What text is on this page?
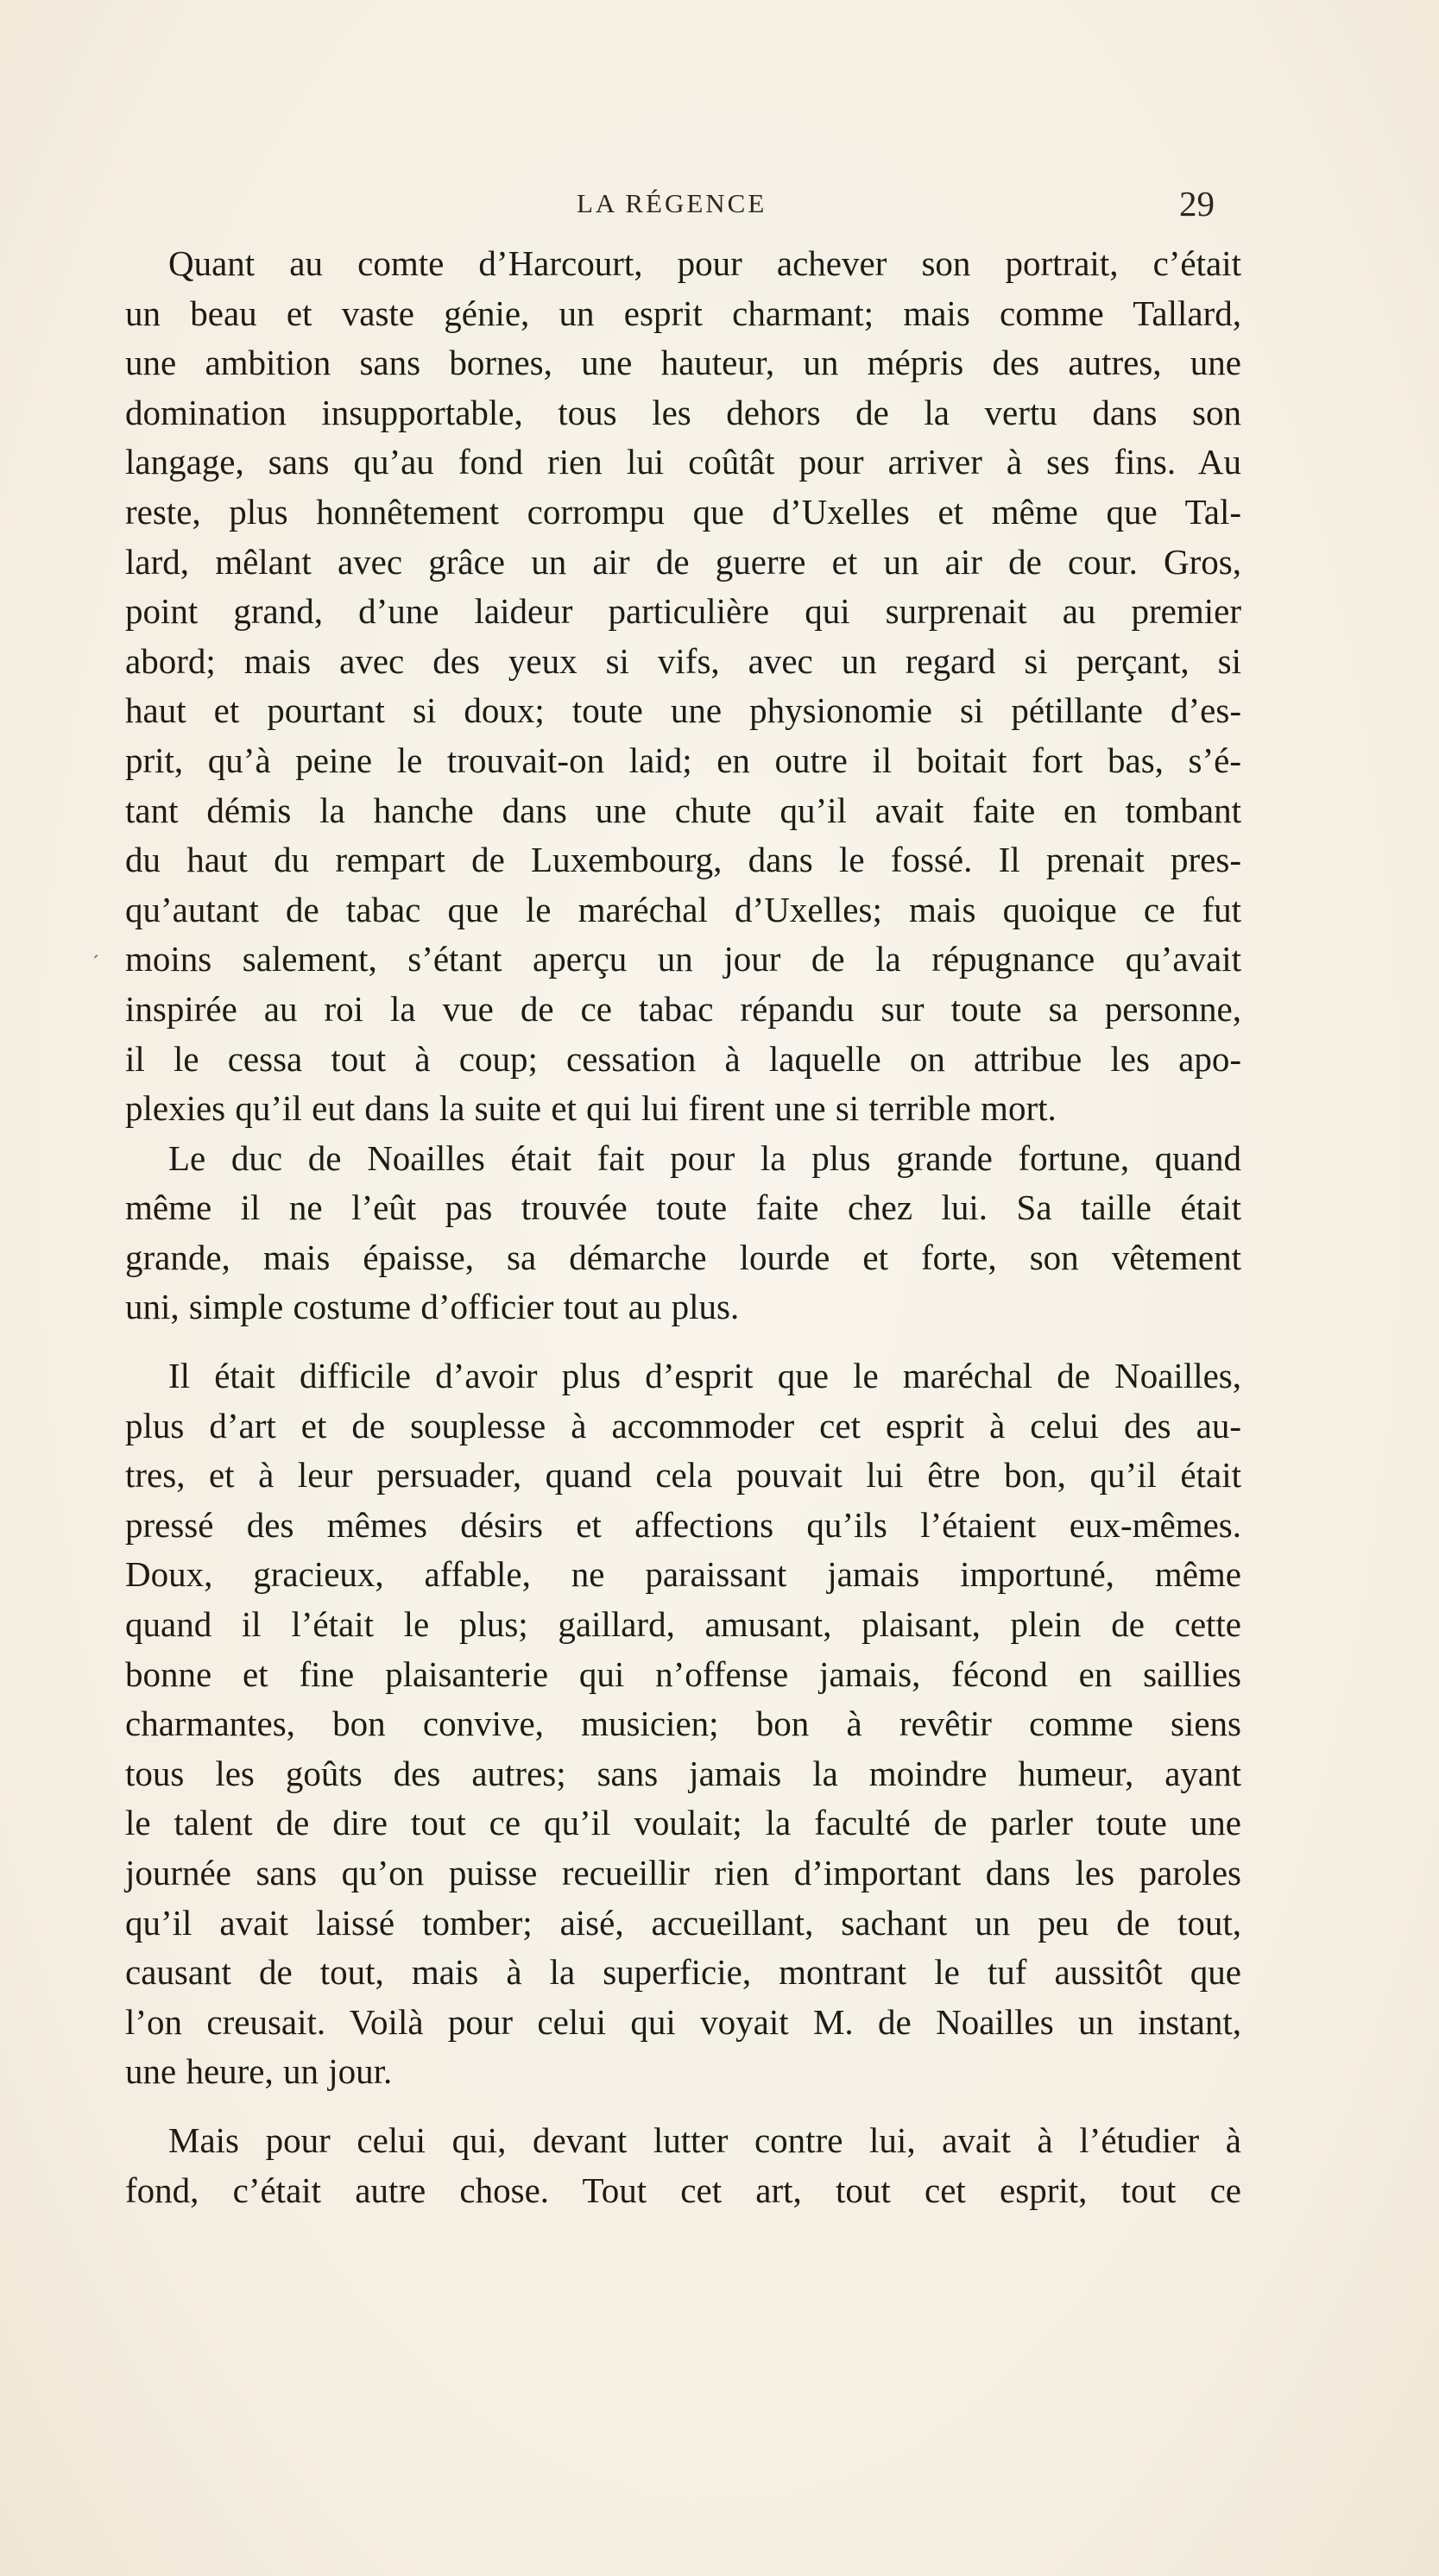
LA RÉGENCE	29
´
Quant au comte d’Harcourt, pour achever son portrait, c’était
un beau et vaste génie, un esprit charmant; mais comme Tallard,
une ambition sans bornes, une hauteur, un mépris des autres, une
domination insupportable, tous les dehors de la vertu dans son
langage, sans qu’au fond rien lui coûtât pour arriver à ses fins. Au
reste, plus honnêtement corrompu que d’Uxelles et même que Tal-
lard, mêlant avec grâce un air de guerre et un air de cour. Gros,
point grand, d’une laideur particulière qui surprenait au premier
abord; mais avec des yeux si vifs, avec un regard si perçant, si
haut et pourtant si doux; toute une physionomie si pétillante d’es-
prit, qu’à peine le trouvait-on laid; en outre il boitait fort bas, s’é-
tant démis la hanche dans une chute qu’il avait faite en tombant
du haut du rempart de Luxembourg, dans le fossé. Il prenait pres-
qu’autant de tabac que le maréchal d’Uxelles; mais quoique ce fut
moins salement, s’étant aperçu un jour de la répugnance qu’avait
inspirée au roi la vue de ce tabac répandu sur toute sa personne,
il le cessa tout à coup; cessation à laquelle on attribue les apo-
plexies qu’il eut dans la suite et qui lui firent une si terrible mort.
Le duc de Noailles était fait pour la plus grande fortune, quand
même il ne l’eût pas trouvée toute faite chez lui. Sa taille était
grande, mais épaisse, sa démarche lourde et forte, son vêtement
uni, simple costume d’officier tout au plus.
Il était difficile d’avoir plus d’esprit que le maréchal de Noailles,
plus d’art et de souplesse à accommoder cet esprit à celui des au-
tres, et à leur persuader, quand cela pouvait lui être bon, qu’il était
pressé des mêmes désirs et affections qu’ils l’étaient eux-mêmes.
Doux, gracieux, affable, ne paraissant jamais importuné, même
quand il l’était le plus; gaillard, amusant, plaisant, plein de cette
bonne et fine plaisanterie qui n’offense jamais, fécond en saillies
charmantes, bon convive, musicien; bon à revêtir comme siens
tous les goûts des autres; sans jamais la moindre humeur, ayant
le talent de dire tout ce qu’il voulait; la faculté de parler toute une
journée sans qu’on puisse recueillir rien d’important dans les paroles
qu’il avait laissé tomber; aisé, accueillant, sachant un peu de tout,
causant de tout, mais à la superficie, montrant le tuf aussitôt que
l’on creusait. Voilà pour celui qui voyait M. de Noailles un instant,
une heure, un jour.
Mais pour celui qui, devant lutter contre lui, avait à l’étudier à
fond, c’était autre chose. Tout cet art, tout cet esprit, tout ce
